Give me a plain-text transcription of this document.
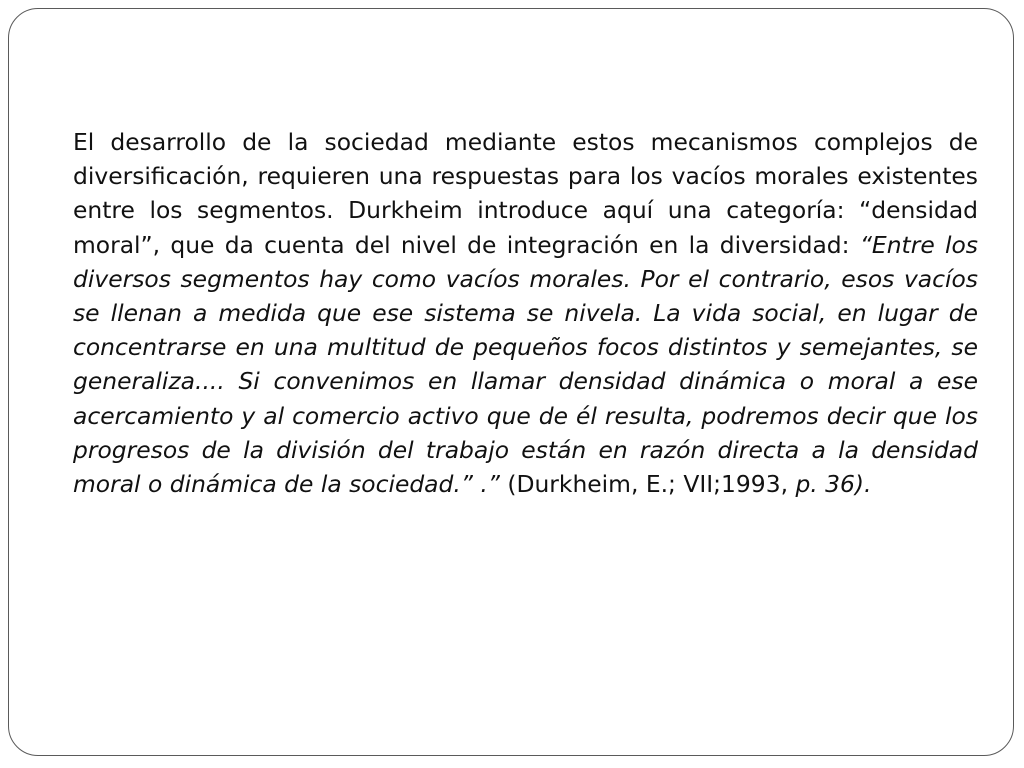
El desarrollo de la sociedad mediante estos mecanismos complejos de diversificación, requieren una respuestas para los vacíos morales existentes entre los segmentos. Durkheim introduce aquí una categoría: “densidad moral”, que da cuenta del nivel de integración en la diversidad: “Entre los diversos segmentos hay como vacíos morales. Por el contrario, esos vacíos se llenan a medida que ese sistema se nivela. La vida social, en lugar de concentrarse en una multitud de pequeños focos distintos y semejantes, se generaliza.... Si convenimos en llamar densidad dinámica o moral a ese acercamiento y al comercio activo que de él resulta, podremos decir que los progresos de la división del trabajo están en razón directa a la densidad moral o dinámica de la sociedad.” .” (Durkheim, E.; VII;1993, p. 36).
